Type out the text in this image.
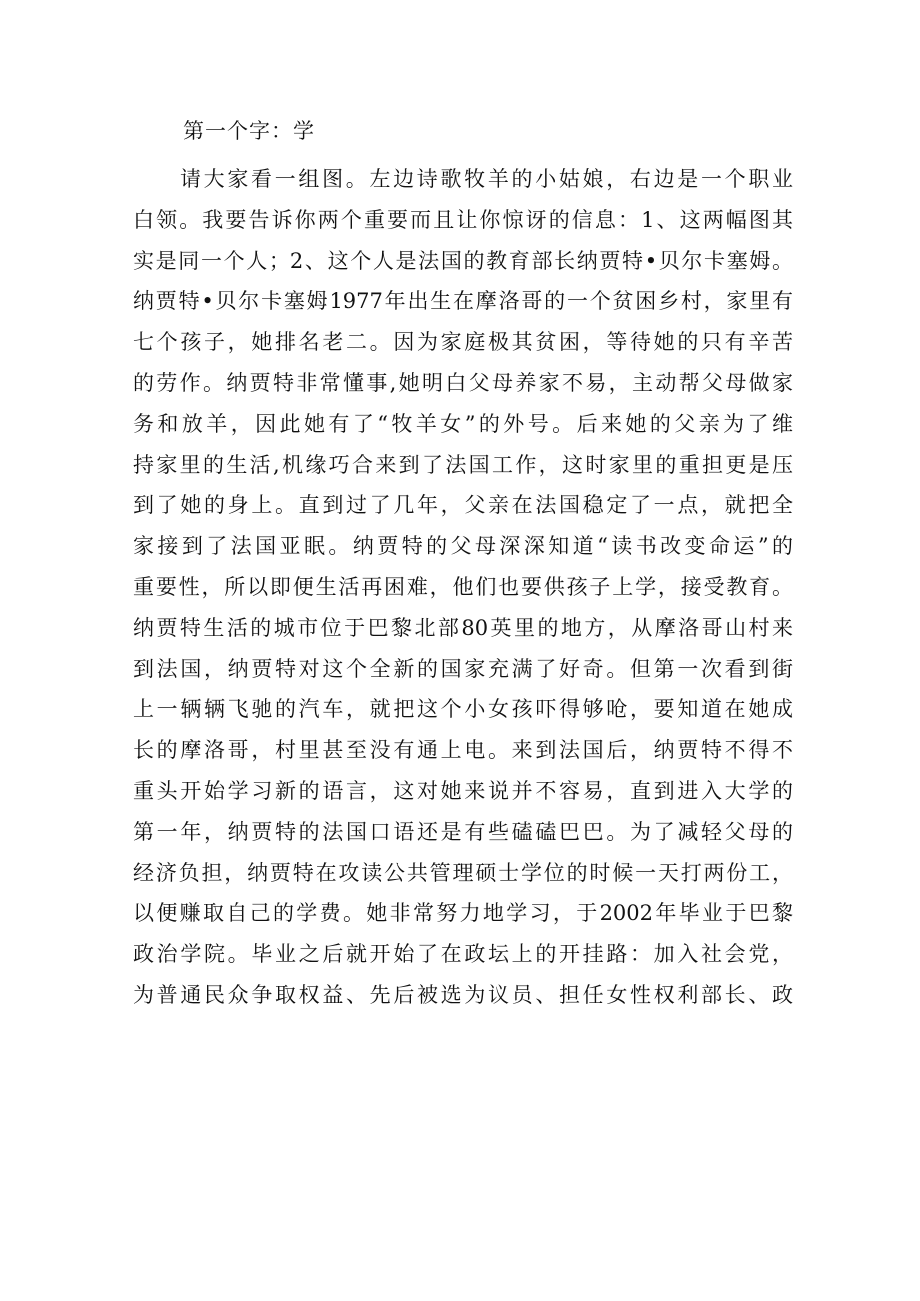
第一个字：学
请大家看一组图。左边诗歌牧羊的小姑娘，右边是一个职业
白领。我要告诉你两个重要而且让你惊讶的信息：1、这两幅图其
实是同一个人；2、这个人是法国的教育部长纳贾特•贝尔卡塞姆。
纳贾特•贝尔卡塞姆1977年出生在摩洛哥的一个贫困乡村，家里有
七个孩子，她排名老二。因为家庭极其贫困，等待她的只有辛苦
的劳作。纳贾特非常懂事,她明白父母养家不易，主动帮父母做家
务和放羊，因此她有了“牧羊女”的外号。后来她的父亲为了维
持家里的生活,机缘巧合来到了法国工作，这时家里的重担更是压
到了她的身上。直到过了几年，父亲在法国稳定了一点，就把全
家接到了法国亚眠。纳贾特的父母深深知道“读书改变命运”的
重要性，所以即便生活再困难，他们也要供孩子上学，接受教育。
纳贾特生活的城市位于巴黎北部80英里的地方，从摩洛哥山村来
到法国，纳贾特对这个全新的国家充满了好奇。但第一次看到街
上一辆辆飞驰的汽车，就把这个小女孩吓得够呛，要知道在她成
长的摩洛哥，村里甚至没有通上电。来到法国后，纳贾特不得不
重头开始学习新的语言，这对她来说并不容易，直到进入大学的
第一年，纳贾特的法国口语还是有些磕磕巴巴。为了减轻父母的
经济负担，纳贾特在攻读公共管理硕士学位的时候一天打两份工，
以便赚取自己的学费。她非常努力地学习，于2002年毕业于巴黎
政治学院。毕业之后就开始了在政坛上的开挂路：加入社会党，
为普通民众争取权益、先后被选为议员、担任女性权利部长、政
